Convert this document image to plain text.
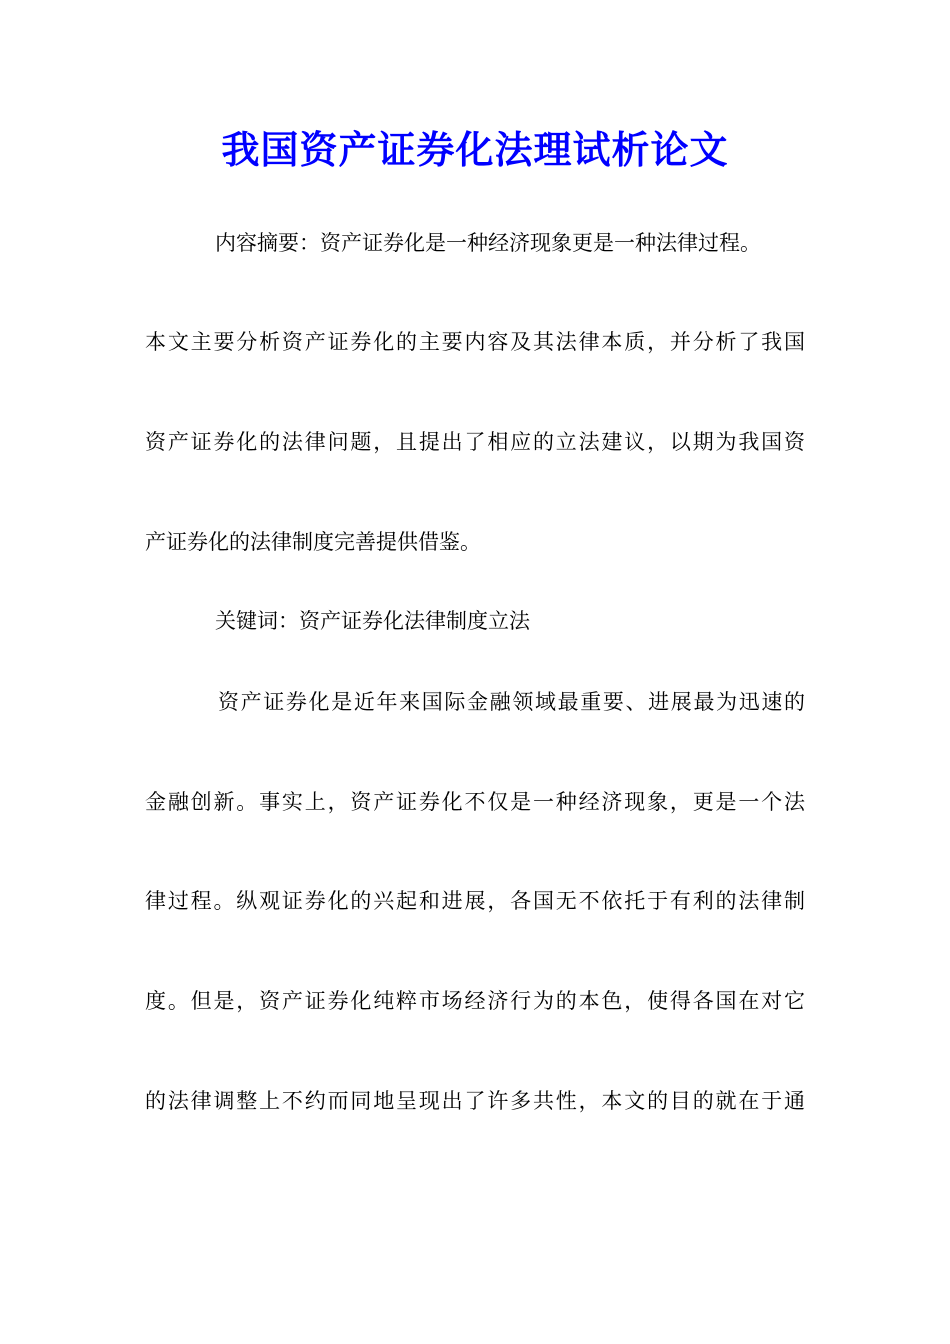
我国资产证券化法理试析论文
内容摘要：资产证券化是一种经济现象更是一种法律过程。
本文主要分析资产证券化的主要内容及其法律本质，并分析了我国
资产证券化的法律问题，且提出了相应的立法建议，以期为我国资
产证券化的法律制度完善提供借鉴。
关键词：资产证券化法律制度立法
资产证券化是近年来国际金融领域最重要、进展最为迅速的
金融创新。事实上，资产证券化不仅是一种经济现象，更是一个法
律过程。纵观证券化的兴起和进展，各国无不依托于有利的法律制
度。但是，资产证券化纯粹市场经济行为的本色，使得各国在对它
的法律调整上不约而同地呈现出了许多共性，本文的目的就在于通
